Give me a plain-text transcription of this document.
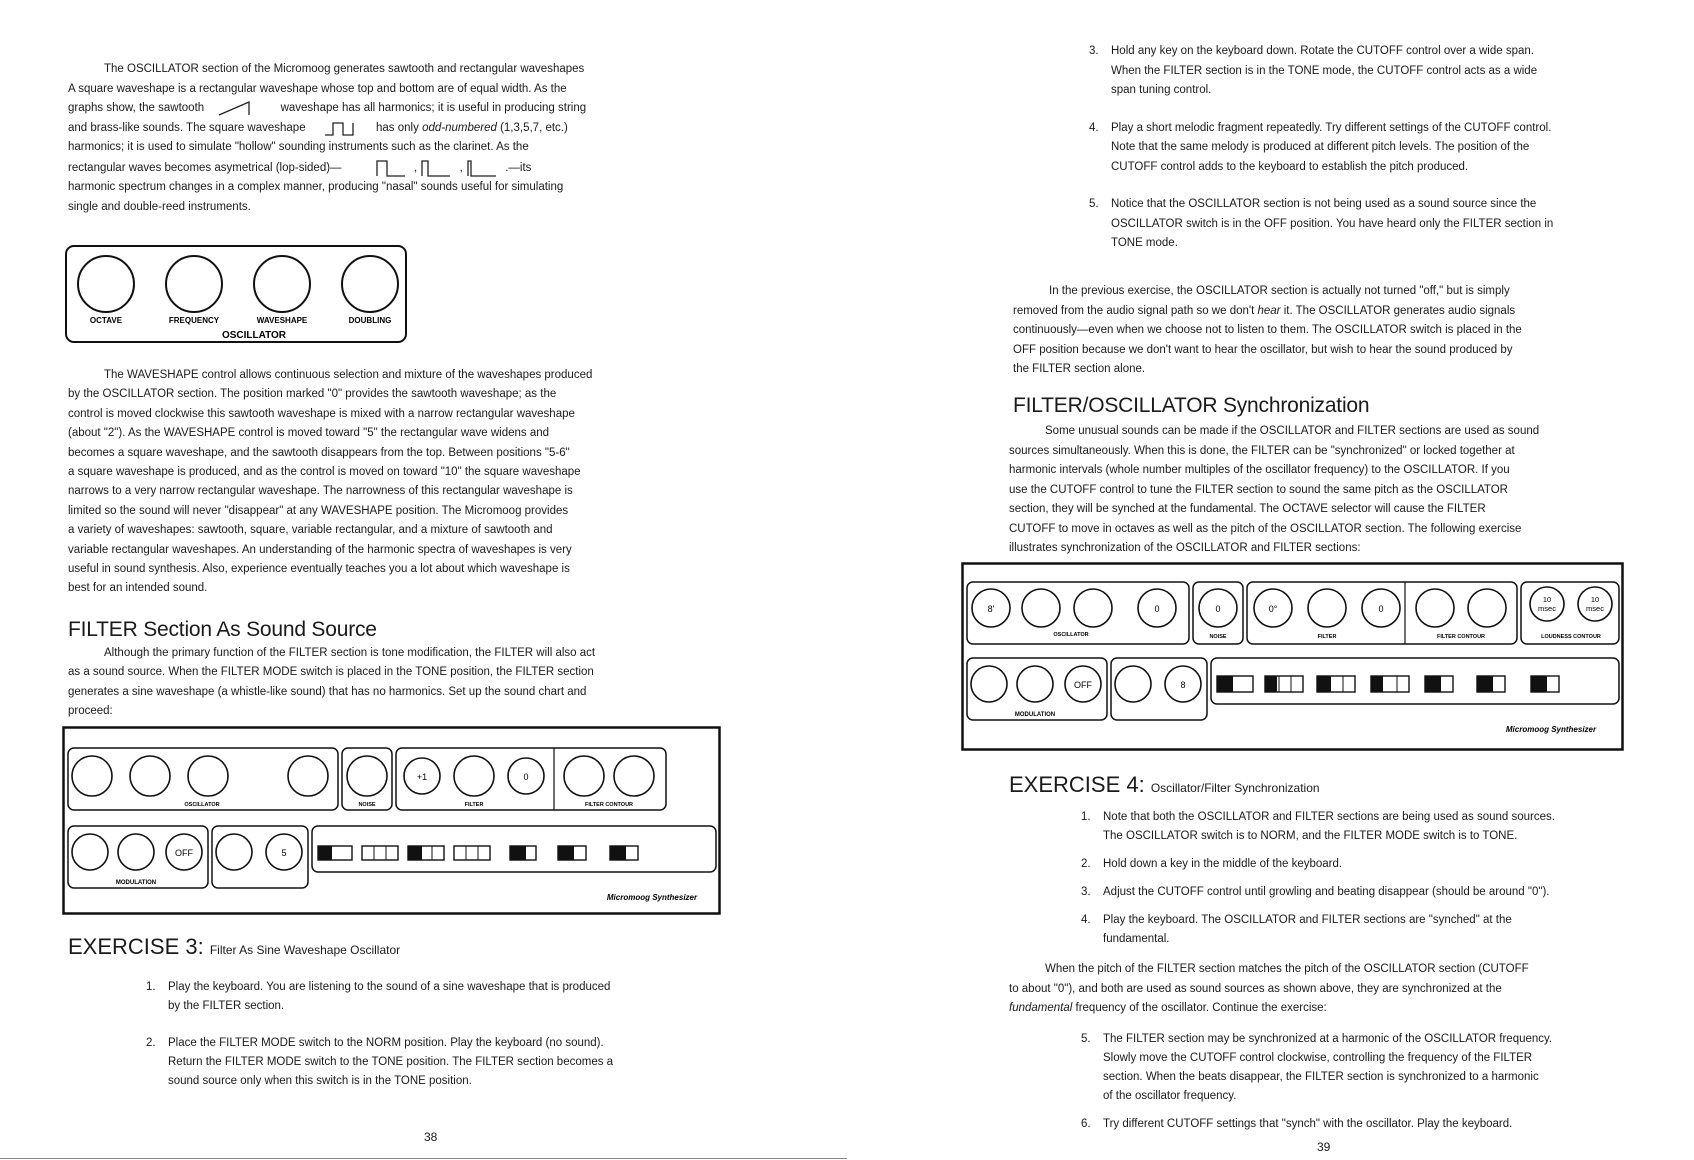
The OSCILLATOR section of the Micromoog generates sawtooth and rectangular waveshapes
A square waveshape is a rectangular waveshape whose top and bottom are of equal width. As the
graphs show, the sawtooth	waveshape has all harmonics; it is useful in producing string
and brass-like sounds. The square waveshape	has only odd-numbered (1,3,5,7, etc.)
harmonics; it is used to simulate "hollow" sounding instruments such as the clarinet. As the
rectangular waves becomes asymetrical (lop-sided)—	,	,	.—its
harmonic spectrum changes in a complex manner, producing "nasal" sounds useful for simulating
single and double-reed instruments.
OCTAVE	FREQUENCY	WAVESHAPE	DOUBLING
OSCILLATOR
The WAVESHAPE control allows continuous selection and mixture of the waveshapes produced
by the OSCILLATOR section. The position marked "0" provides the sawtooth waveshape; as the
control is moved clockwise this sawtooth waveshape is mixed with a narrow rectangular waveshape
(about "2"). As the WAVESHAPE control is moved toward "5" the rectangular wave widens and
becomes a square waveshape, and the sawtooth disappears from the top. Between positions "5-6"
a square waveshape is produced, and as the control is moved on toward "10" the square waveshape
narrows to a very narrow rectangular waveshape. The narrowness of this rectangular waveshape is
limited so the sound will never "disappear" at any WAVESHAPE position. The Micromoog provides
a variety of waveshapes: sawtooth, square, variable rectangular, and a mixture of sawtooth and
variable rectangular waveshapes. An understanding of the harmonic spectra of waveshapes is very
useful in sound synthesis. Also, experience eventually teaches you a lot about which waveshape is
best for an intended sound.
FILTER Section As Sound Source
Although the primary function of the FILTER section is tone modification, the FILTER will also act
as a sound source. When the FILTER MODE switch is placed in the TONE position, the FILTER section
generates a sine waveshape (a whistle-like sound) that has no harmonics. Set up the sound chart and
proceed:
+1	0
OFF	5
MODULATION
Micromoog Synthesizer
OSCILLATOR	NOISE	FILTER	FILTER CONTOUR
EXERCISE 3: Filter As Sine Waveshape Oscillator
1. Play the keyboard. You are listening to the sound of a sine waveshape that is produced
by the FILTER section.
2. Place the FILTER MODE switch to the NORM position. Play the keyboard (no sound).
Return the FILTER MODE switch to the TONE position. The FILTER section becomes a
sound source only when this switch is in the TONE position.
38
3. Hold any key on the keyboard down. Rotate the CUTOFF control over a wide span.
When the FILTER section is in the TONE mode, the CUTOFF control acts as a wide
span tuning control.
4. Play a short melodic fragment repeatedly. Try different settings of the CUTOFF control.
Note that the same melody is produced at different pitch levels. The position of the
CUTOFF control adds to the keyboard to establish the pitch produced.
5. Notice that the OSCILLATOR section is not being used as a sound source since the
OSCILLATOR switch is in the OFF position. You have heard only the FILTER section in
TONE mode.
In the previous exercise, the OSCILLATOR section is actually not turned "off," but is simply
removed from the audio signal path so we don't hear it. The OSCILLATOR generates audio signals
continuously—even when we choose not to listen to them. The OSCILLATOR switch is placed in the
OFF position because we don't want to hear the oscillator, but wish to hear the sound produced by
the FILTER section alone.
FILTER/OSCILLATOR Synchronization
Some unusual sounds can be made if the OSCILLATOR and FILTER sections are used as sound
sources simultaneously. When this is done, the FILTER can be "synchronized" or locked together at
harmonic intervals (whole number multiples of the oscillator frequency) to the OSCILLATOR. If you
use the CUTOFF control to tune the FILTER section to sound the same pitch as the OSCILLATOR
section, they will be synched at the fundamental. The OCTAVE selector will cause the FILTER
CUTOFF to move in octaves as well as the pitch of the OSCILLATOR section. The following exercise
illustrates synchronization of the OSCILLATOR and FILTER sections:
8'	0	0	0°	0
10
msec
10
msec
OSCILLATOR	NOISE	FILTER	FILTER CONTOUR	LOUDNESS CONTOUR
OFF	8
MODULATION
Micromoog Synthesizer
EXERCISE 4: Oscillator/Filter Synchronization
1. Note that both the OSCILLATOR and FILTER sections are being used as sound sources.
The OSCILLATOR switch is to NORM, and the FILTER MODE switch is to TONE.
2. Hold down a key in the middle of the keyboard.
3. Adjust the CUTOFF control until growling and beating disappear (should be around "0").
4. Play the keyboard. The OSCILLATOR and FILTER sections are "synched" at the
fundamental.
When the pitch of the FILTER section matches the pitch of the OSCILLATOR section (CUTOFF
to about "0"), and both are used as sound sources as shown above, they are synchronized at the
fundamental frequency of the oscillator. Continue the exercise:
5. The FILTER section may be synchronized at a harmonic of the OSCILLATOR frequency.
Slowly move the CUTOFF control clockwise, controlling the frequency of the FILTER
section. When the beats disappear, the FILTER section is synchronized to a harmonic
of the oscillator frequency.
6. Try different CUTOFF settings that "synch" with the oscillator. Play the keyboard.
39
